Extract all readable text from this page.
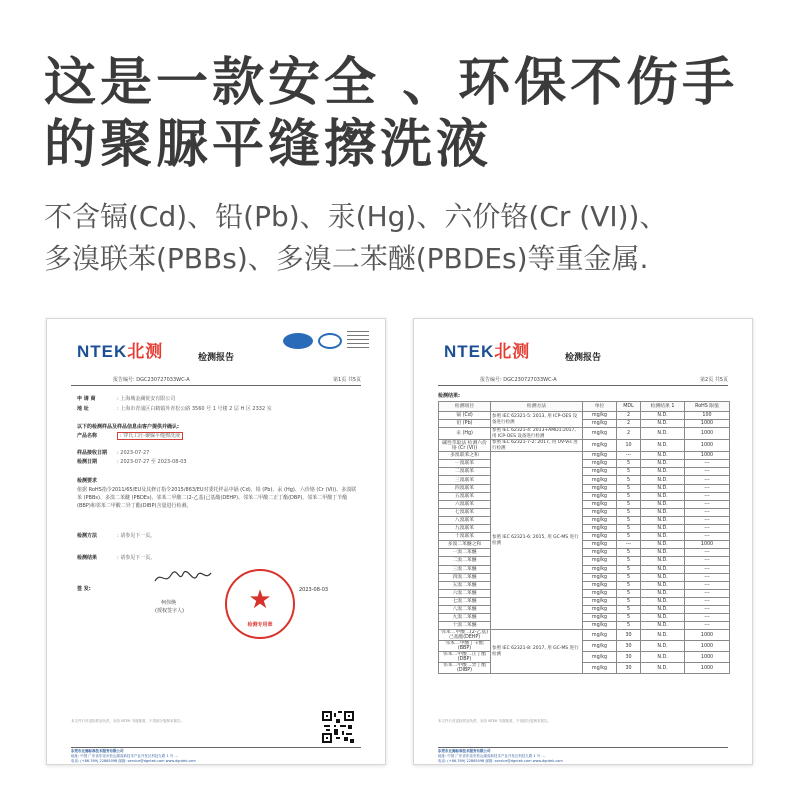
这是一款安全 、环保不伤手
的聚脲平缝擦洗液
不含镉(Cd)、铅(Pb)、汞(Hg)、六价铬(Cr (VI))、
多溴联苯(PBBs)、多溴二苯醚(PBDEs)等重金属.
NTEK北测	检测报告
报告编号: DGC230727033WC-A	第1页 共5页
申 请 商	: 上海城金澜优安有限公司
地 址	: 上海市青浦区白鹤镇外青松公路 3560 号 1 号楼 2 层 H 区 2332 室
以下的检测样品及样品信息由客户提供并确认:
产品名称	: 穿氏工匠-聚脲平缝擦洗液
样品接收日期 : 2023-07-27
检测日期	: 2023-07-27 至 2023-08-03
检测要求
依据 RoHS指令2011/65/EU及其修订指令2015/863/EU对委托样品中镉 (Cd)、铅 (Pb)、汞 (Hg)、六价铬 (Cr (VI))、多溴联苯 (PBBs)、多溴二苯醚 (PBDEs)、邻苯二甲酸二(2-乙基)己基酯(DEHP)、邻苯二甲酸二正丁酯(DBP)、邻苯二甲酸丁苄酯(BBP)和邻苯二甲酸二异丁酯(DIBP)含量进行检测。
检测方法	: 请参见下一页。
检测结果	: 请参见下一页。
签 发:
柯伟焕
(授权签字人)
2023-08-03
★
检测专用章
本文件只对送检样品负责，未经 NTEK 书面批准，不得部分复制本报告。
东莞市北测标准技术服务有限公司
地址: 中国 广东省东莞市松山湖高新技术产业开发区科技九路 1 号 ...
电话: (+86-769) 22865098 邮箱: service@dgntek.com www.dgntek.com
NTEK北测	检测报告
报告编号: DGC230727033WC-A	第2页 共5页
检测结果:
检测项目	检测方法	单位	MDL	检测结果 1	RoHS 限值
镉 (Cd)	参照 IEC 62321-5: 2013, 用 ICP-OES 设备进行检测	mg/kg	2	N.D.	100
铅 (Pb)		mg/kg	2	N.D.	1000
汞 (Hg)	参照 IEC 62321-4: 2013+AMD1:2017, 用 ICP-OES 设备进行检测	mg/kg	2	N.D.	1000
碱性萃取法 检测六价铬 (Cr (VI))	参照 IEC 62321-7-2: 2017, 用 UV-Vis 进行检测	mg/kg	10	N.D.	1000
多溴联苯之和	参照 IEC 62321-6: 2015, 用 GC-MS 进行检测	mg/kg	---	N.D.	1000
一溴联苯		mg/kg	5	N.D.	---
二溴联苯		mg/kg	5	N.D.	---
三溴联苯		mg/kg	5	N.D.	---
四溴联苯		mg/kg	5	N.D.	---
五溴联苯		mg/kg	5	N.D.	---
六溴联苯		mg/kg	5	N.D.	---
七溴联苯		mg/kg	5	N.D.	---
八溴联苯		mg/kg	5	N.D.	---
九溴联苯		mg/kg	5	N.D.	---
十溴联苯		mg/kg	5	N.D.	---
多溴二苯醚之和		mg/kg	---	N.D.	1000
一溴二苯醚		mg/kg	5	N.D.	---
二溴二苯醚		mg/kg	5	N.D.	---
三溴二苯醚		mg/kg	5	N.D.	---
四溴二苯醚		mg/kg	5	N.D.	---
五溴二苯醚		mg/kg	5	N.D.	---
六溴二苯醚		mg/kg	5	N.D.	---
七溴二苯醚		mg/kg	5	N.D.	---
八溴二苯醚		mg/kg	5	N.D.	---
九溴二苯醚		mg/kg	5	N.D.	---
十溴二苯醚		mg/kg	5	N.D.	---
邻苯二甲酸二(2-乙基)己基酯(DEHP)	参照 IEC 62321-8: 2017, 用 GC-MS 进行检测	mg/kg	30	N.D.	1000
邻苯二甲酸丁苄酯 (BBP)		mg/kg	30	N.D.	1000
邻苯二甲酸二正丁酯 (DBP)		mg/kg	30	N.D.	1000
邻苯二甲酸二异丁酯 (DIBP)		mg/kg	30	N.D.	1000
本文件只对送检样品负责，未经 NTEK 书面批准，不得部分复制本报告。
东莞市北测标准技术服务有限公司
地址: 中国 广东省东莞市松山湖高新技术产业开发区科技九路 1 号 ...
电话: (+86-769) 22865098 邮箱: service@dgntek.com www.dgntek.com
